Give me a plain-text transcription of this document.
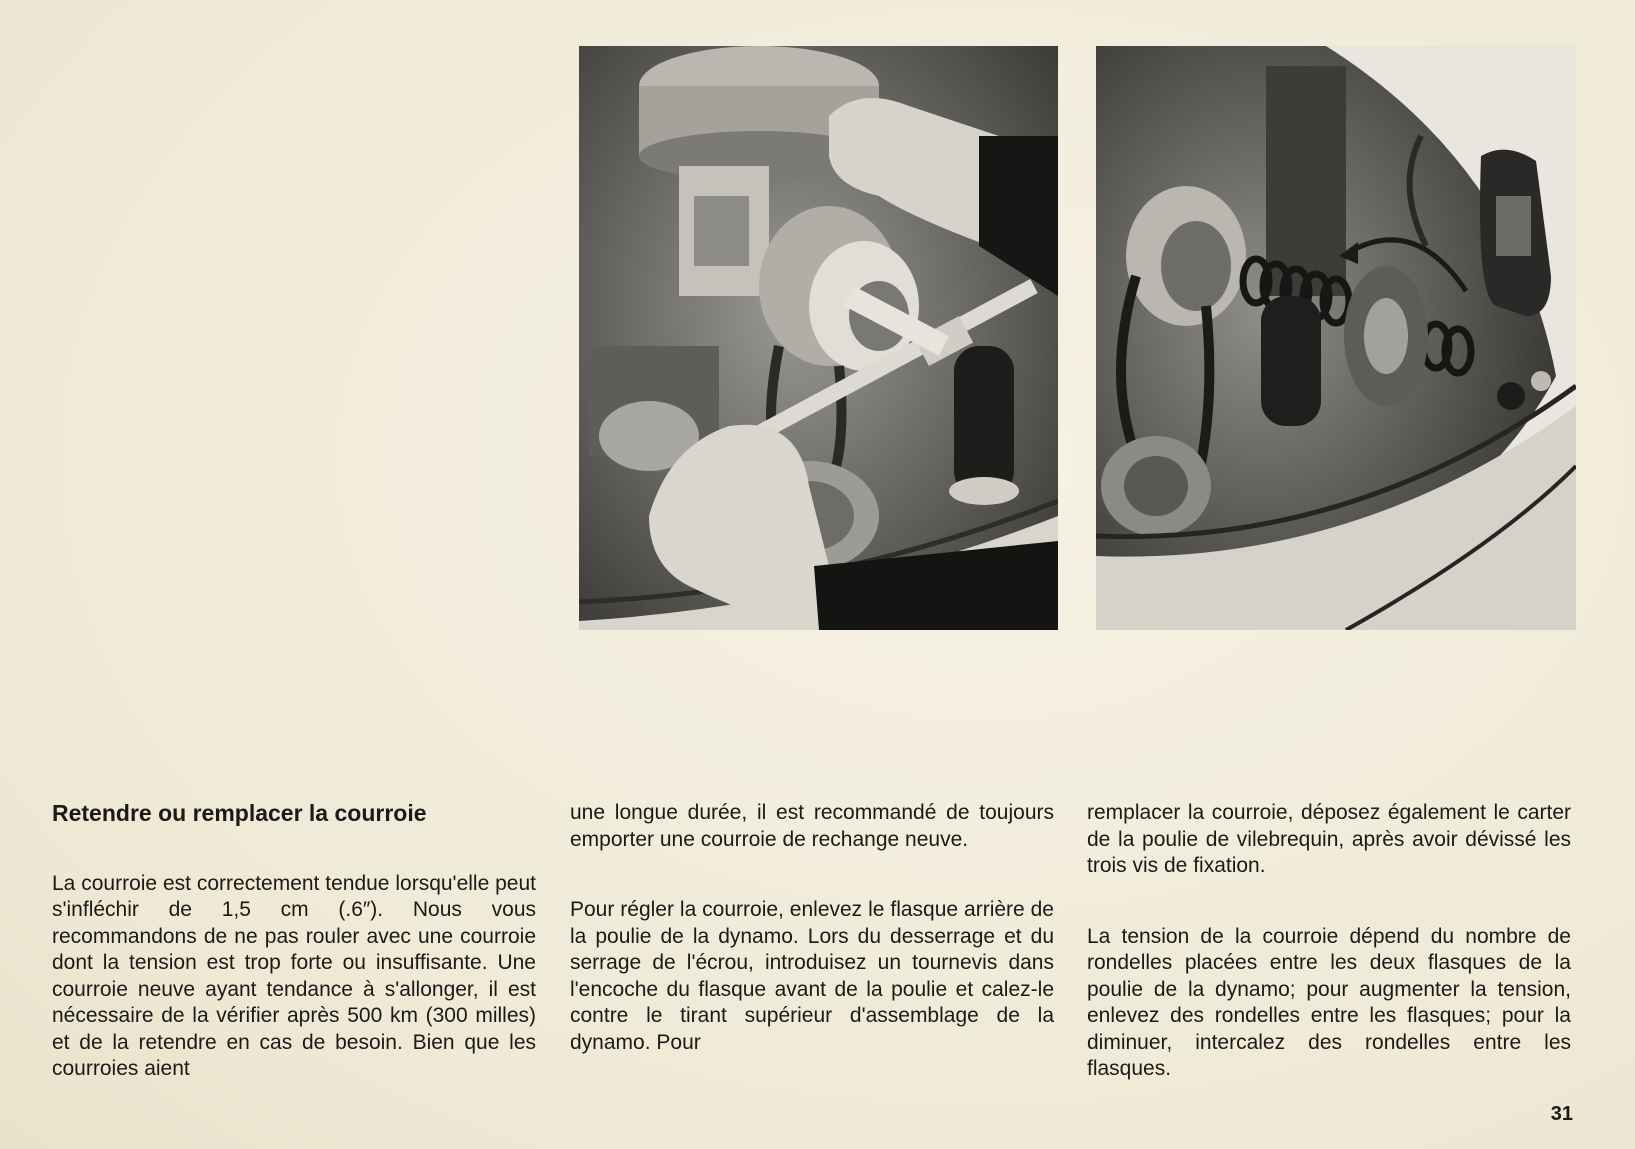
Retendre ou remplacer la courroie

La courroie est correctement tendue lorsqu'elle peut s'infléchir de 1,5 cm (.6″). Nous vous recommandons de ne pas rouler avec une courroie dont la tension est trop forte ou insuffisante. Une courroie neuve ayant tendance à s'allonger, il est nécessaire de la vérifier après 500 km (300 milles) et de la retendre en cas de besoin. Bien que les courroies aient

une longue durée, il est recommandé de toujours emporter une courroie de rechange neuve.

Pour régler la courroie, enlevez le flasque arrière de la poulie de la dynamo. Lors du desserrage et du serrage de l'écrou, introduisez un tournevis dans l'encoche du flasque avant de la poulie et calez-le contre le tirant supérieur d'assemblage de la dynamo. Pour

remplacer la courroie, déposez également le carter de la poulie de vilebrequin, après avoir dévissé les trois vis de fixation.

La tension de la courroie dépend du nombre de rondelles placées entre les deux flasques de la poulie de la dynamo; pour augmenter la tension, enlevez des rondelles entre les flasques; pour la diminuer, intercalez des rondelles entre les flasques.

31
